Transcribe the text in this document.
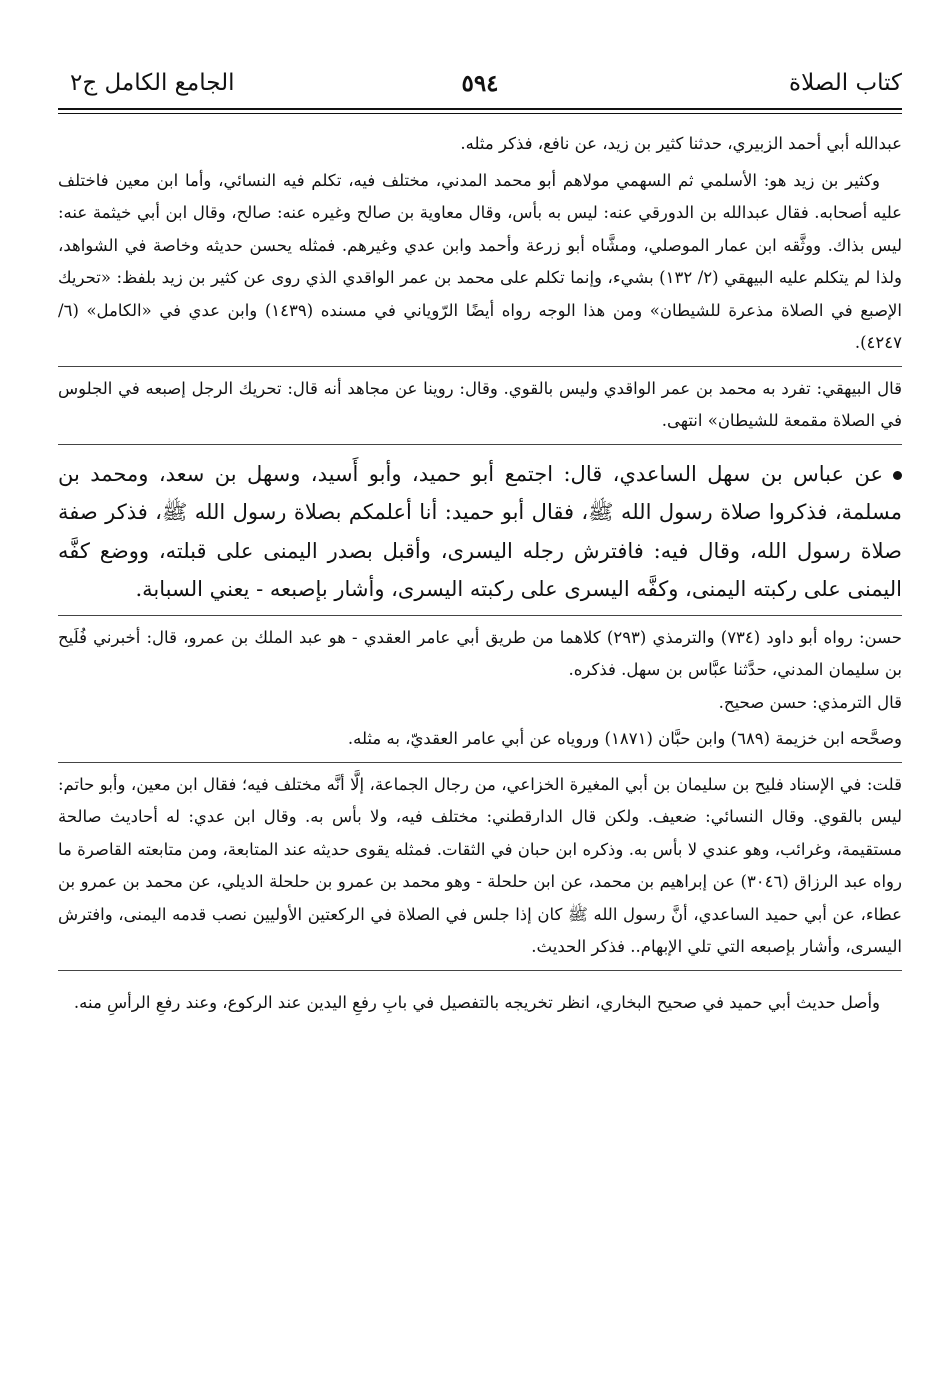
كتاب الصلاة
٥٩٤
الجامع الكامل ج٢

عبدالله أبي أحمد الزبيري، حدثنا كثير بن زيد، عن نافع، فذكر مثله.

وكثير بن زيد هو: الأسلمي ثم السهمي مولاهم أبو محمد المدني، مختلف فيه، تكلم فيه النسائي، وأما ابن معين فاختلف عليه أصحابه. فقال عبدالله بن الدورقي عنه: ليس به بأس، وقال معاوية بن صالح وغيره عنه: صالح، وقال ابن أبي خيثمة عنه: ليس بذاك. ووثَّقه ابن عمار الموصلي، ومشَّاه أبو زرعة وأحمد وابن عدي وغيرهم. فمثله يحسن حديثه وخاصة في الشواهد، ولذا لم يتكلم عليه البيهقي (٢/ ١٣٢) بشيء، وإنما تكلم على محمد بن عمر الواقدي الذي روى عن كثير بن زيد بلفظ: «تحريك الإصبع في الصلاة مذعرة للشيطان» ومن هذا الوجه رواه أيضًا الرّوياني في مسنده (١٤٣٩) وابن عدي في «الكامل» (٦/ ٤٢٤٧).

قال البيهقي: تفرد به محمد بن عمر الواقدي وليس بالقوي. وقال: روينا عن مجاهد أنه قال: تحريك الرجل إصبعه في الجلوس في الصلاة مقمعة للشيطان» انتهى.

عن عباس بن سهل الساعدي، قال: اجتمع أبو حميد، وأبو أَسيد، وسهل بن سعد، ومحمد بن مسلمة، فذكروا صلاة رسول الله ﷺ، فقال أبو حميد: أنا أعلمكم بصلاة رسول الله ﷺ، فذكر صفة صلاة رسول الله، وقال فيه: فافترش رجله اليسرى، وأقبل بصدر اليمنى على قبلته، ووضع كفَّه اليمنى على ركبته اليمنى، وكفَّه اليسرى على ركبته اليسرى، وأشار بإصبعه - يعني السبابة.

حسن: رواه أبو داود (٧٣٤) والترمذي (٢٩٣) كلاهما من طريق أبي عامر العقدي - هو عبد الملك بن عمرو، قال: أخبرني فُلَيح بن سليمان المدني، حدَّثنا عبَّاس بن سهل. فذكره.

قال الترمذي: حسن صحيح.

وصحَّحه ابن خزيمة (٦٨٩) وابن حبَّان (١٨٧١) وروياه عن أبي عامر العقديّ، به مثله.

قلت: في الإسناد فليح بن سليمان بن أبي المغيرة الخزاعي، من رجال الجماعة، إلَّا أنَّه مختلف فيه؛ فقال ابن معين، وأبو حاتم: ليس بالقوي. وقال النسائي: ضعيف. ولكن قال الدارقطني: مختلف فيه، ولا بأس به. وقال ابن عدي: له أحاديث صالحة مستقيمة، وغرائب، وهو عندي لا بأس به. وذكره ابن حبان في الثقات. فمثله يقوى حديثه عند المتابعة، ومن متابعته القاصرة ما رواه عبد الرزاق (٣٠٤٦) عن إبراهيم بن محمد، عن ابن حلحلة - وهو محمد بن عمرو بن حلحلة الديلي، عن محمد بن عمرو بن عطاء، عن أبي حميد الساعدي، أنَّ رسول الله ﷺ كان إذا جلس في الصلاة في الركعتين الأوليين نصب قدمه اليمنى، وافترش اليسرى، وأشار بإصبعه التي تلي الإبهام.. فذكر الحديث.

وأصل حديث أبي حميد في صحيح البخاري، انظر تخريجه بالتفصيل في بابِ رفعِ اليدين عند الركوع، وعند رفعِ الرأسِ منه.
